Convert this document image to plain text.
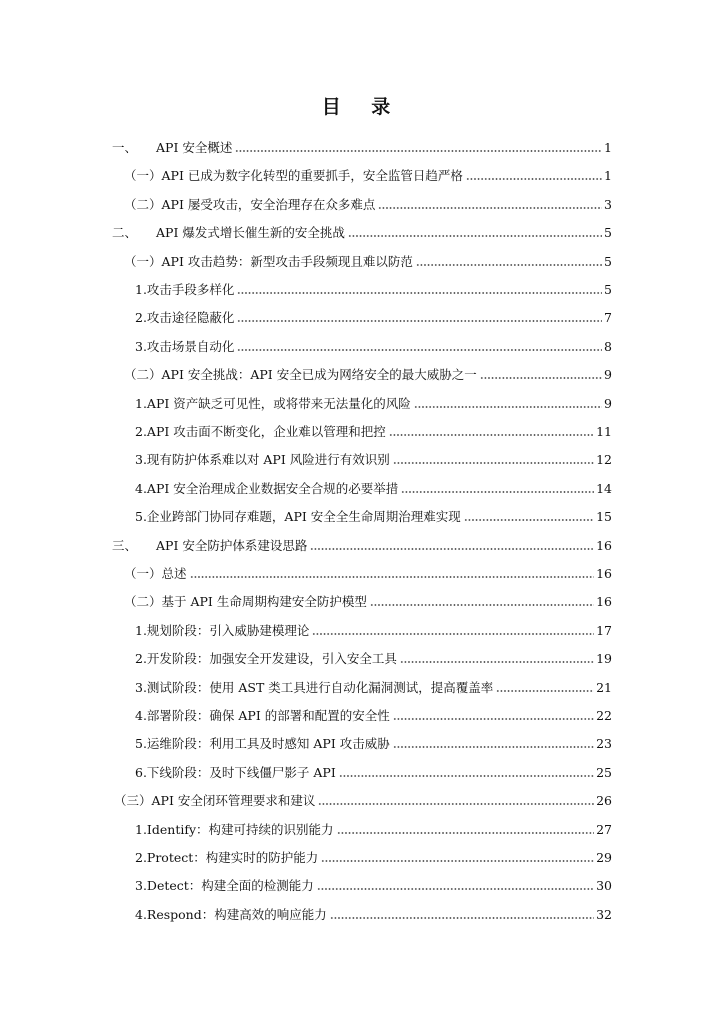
目 录
一、 API 安全概述	1
（一）API 已成为数字化转型的重要抓手，安全监管日趋严格	1
（二）API 屡受攻击，安全治理存在众多难点	3
二、 API 爆发式增长催生新的安全挑战	5
（一）API 攻击趋势：新型攻击手段频现且难以防范	5
1.攻击手段多样化	5
2.攻击途径隐蔽化	7
3.攻击场景自动化	8
（二）API 安全挑战：API 安全已成为网络安全的最大威胁之一	9
1.API 资产缺乏可见性，或将带来无法量化的风险	9
2.API 攻击面不断变化，企业难以管理和把控	11
3.现有防护体系难以对 API 风险进行有效识别	12
4.API 安全治理成企业数据安全合规的必要举措	14
5.企业跨部门协同存难题，API 安全全生命周期治理难实现	15
三、 API 安全防护体系建设思路	16
（一）总述	16
（二）基于 API 生命周期构建安全防护模型	16
1.规划阶段：引入威胁建模理论	17
2.开发阶段：加强安全开发建设，引入安全工具	19
3.测试阶段：使用 AST 类工具进行自动化漏洞测试，提高覆盖率	21
4.部署阶段：确保 API 的部署和配置的安全性	22
5.运维阶段：利用工具及时感知 API 攻击威胁	23
6.下线阶段：及时下线僵尸影子 API	25
（三）API 安全闭环管理要求和建议	26
1.Identify：构建可持续的识别能力	27
2.Protect：构建实时的防护能力	29
3.Detect：构建全面的检测能力	30
4.Respond：构建高效的响应能力	32
